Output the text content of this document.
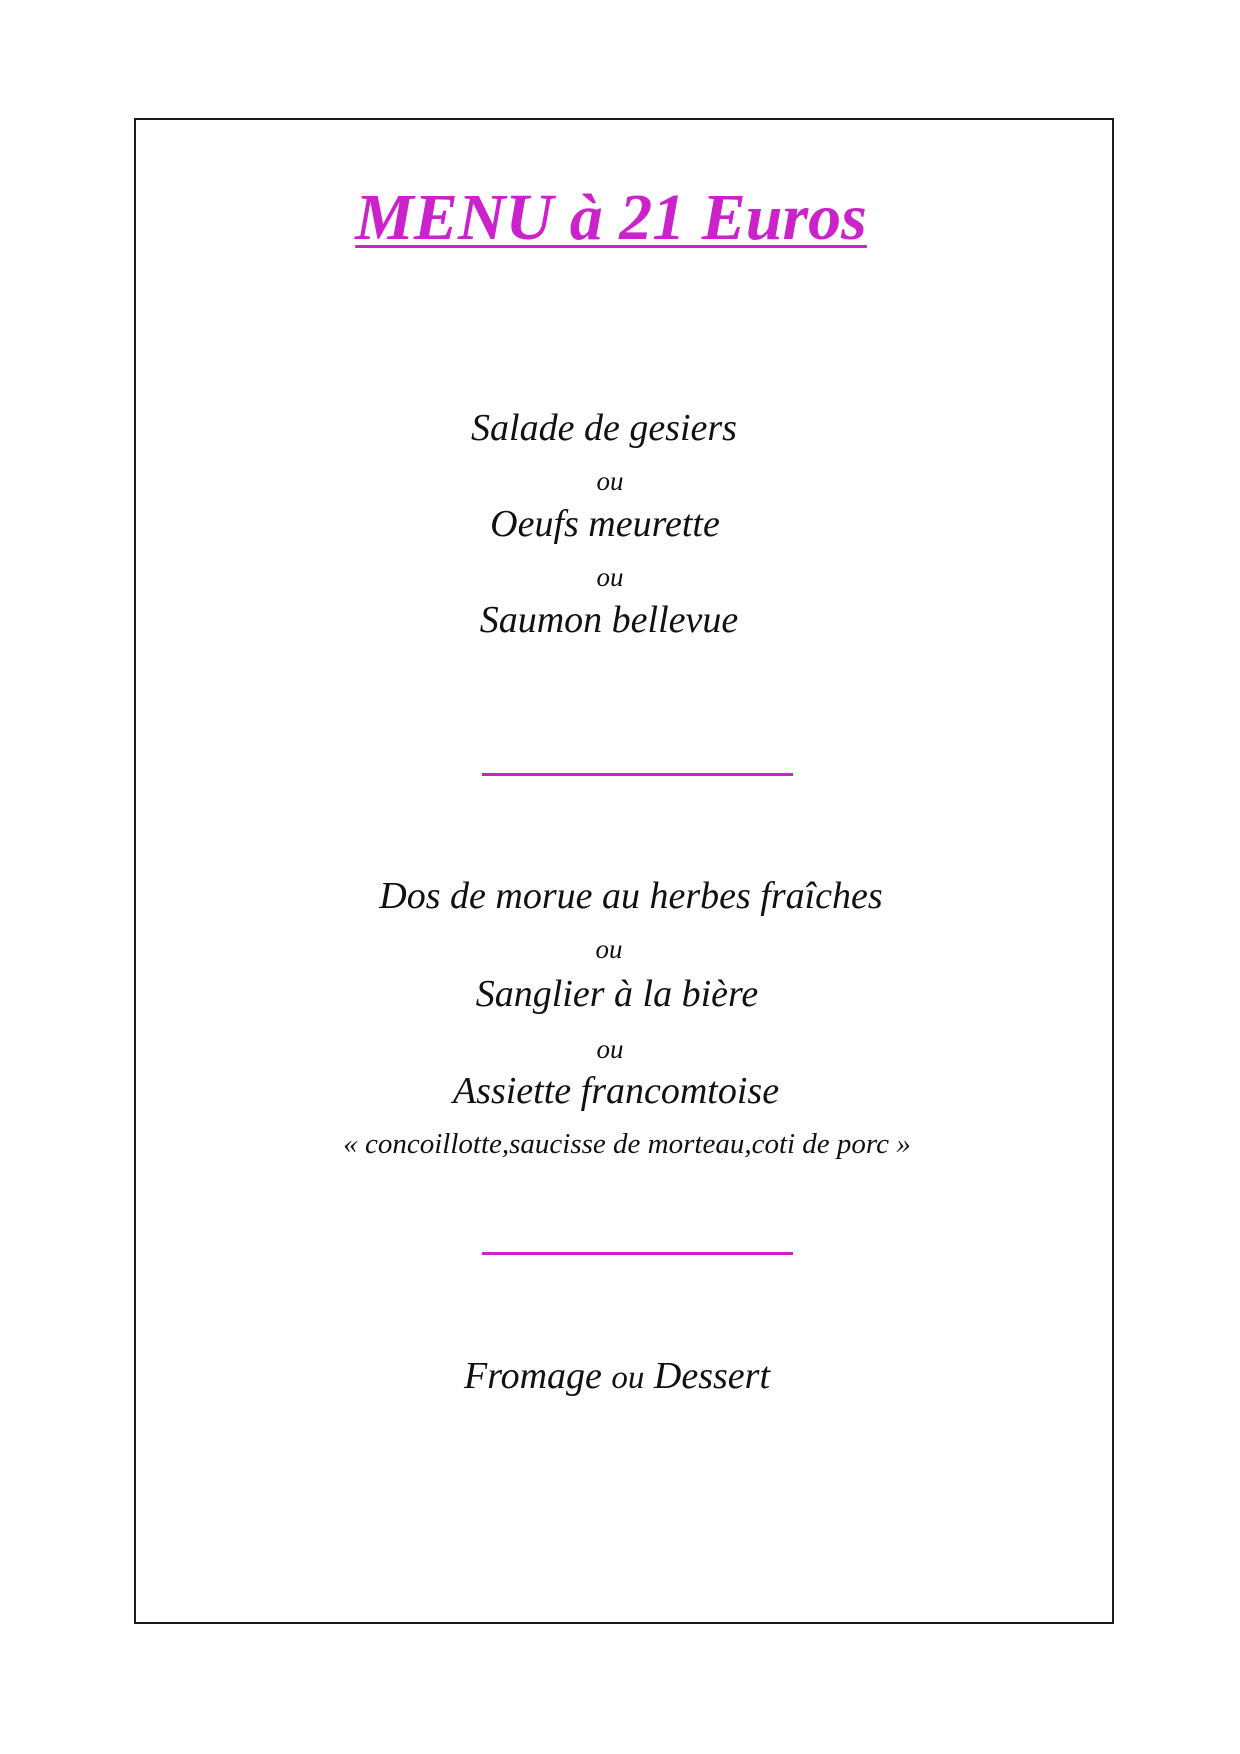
MENU à 21 Euros
Salade de gesiers
ou
Oeufs meurette
ou
Saumon bellevue
Dos de morue au herbes fraîches
ou
Sanglier à la bière
ou
Assiette francomtoise
« concoillotte,saucisse de morteau,coti de porc »
Fromage ou Dessert
